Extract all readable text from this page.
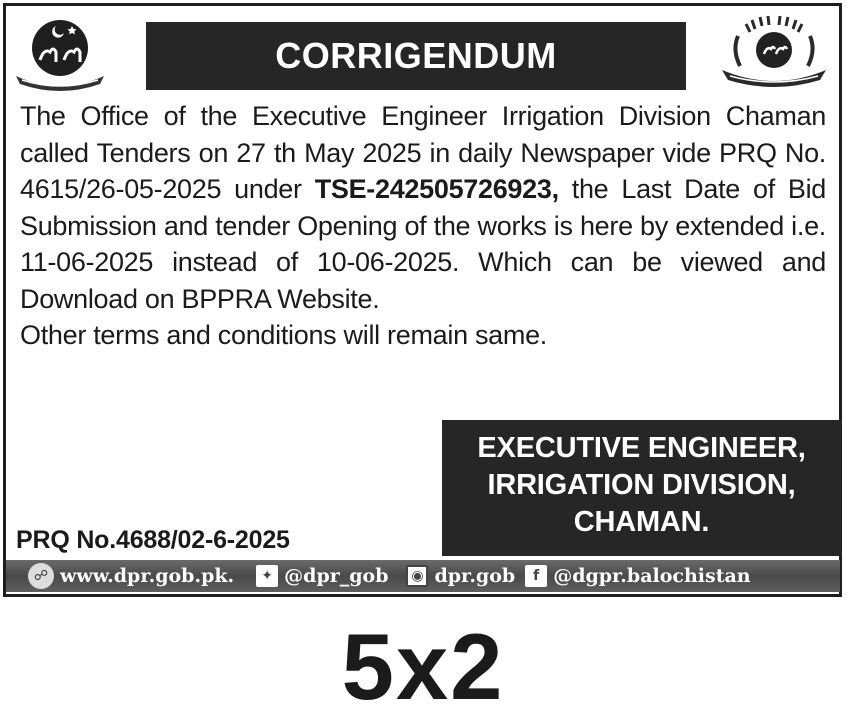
CORRIGENDUM

The Office of the Executive Engineer Irrigation Division Chaman called Tenders on 27 th May 2025 in daily Newspaper vide PRQ No. 4615/26-05-2025 under TSE-242505726923, the Last Date of Bid Submission and tender Opening of the works is here by extended i.e. 11-06-2025 instead of 10-06-2025. Which can be viewed and Download on BPPRA Website.

Other terms and conditions will remain same.

EXECUTIVE ENGINEER,
IRRIGATION DIVISION,
CHAMAN.
PRQ No.4688/02-6-2025
☍ www.dpr.gob.pk.	✦ @dpr_gob	◉ dpr.gob	f @dgpr.balochistan
5x2
